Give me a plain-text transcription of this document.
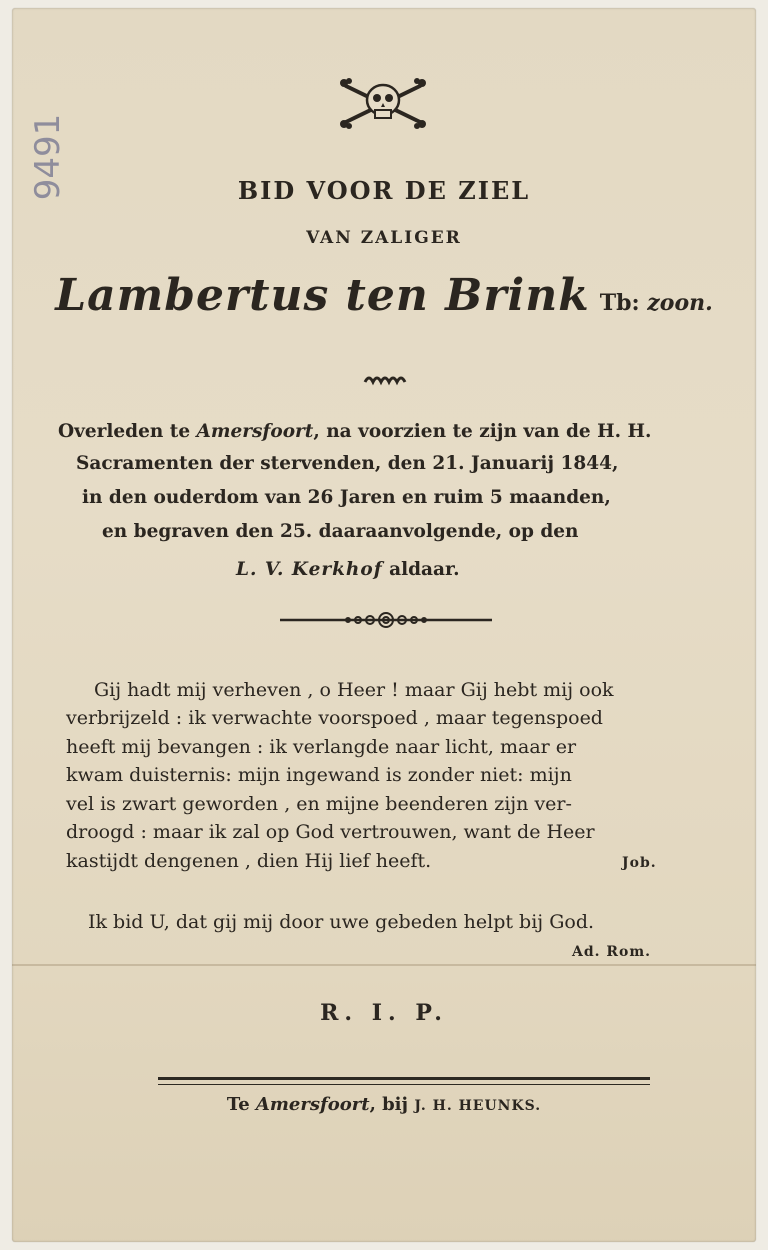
9491	BID VOOR DE ZIEL
VAN ZALIGER
Lambertus ten Brink Tb: zoon.
Overleden te Amersfoort, na voorzien te zijn van de H. H.
Sacramenten der stervenden, den 21. Januarij 1844,
in den ouderdom van 26 Jaren en ruim 5 maanden,
en begraven den 25. daaraanvolgende, op den
L. V. Kerkhof aldaar.
Gij hadt mij verheven , o Heer ! maar Gij hebt mij ook
verbrijzeld : ik verwachte voorspoed , maar tegenspoed
heeft mij bevangen : ik verlangde naar licht, maar er
kwam duisternis: mijn ingewand is zonder niet: mijn
vel is zwart geworden , en mijne beenderen zijn ver-
droogd : maar ik zal op God vertrouwen, want de Heer
kastijdt dengenen , dien Hij lief heeft.	Job.
Ik bid U, dat gij mij door uwe gebeden helpt bij God.
Ad. Rom.
R. I. P.
Te Amersfoort, bij J. H. HEUNKS.
